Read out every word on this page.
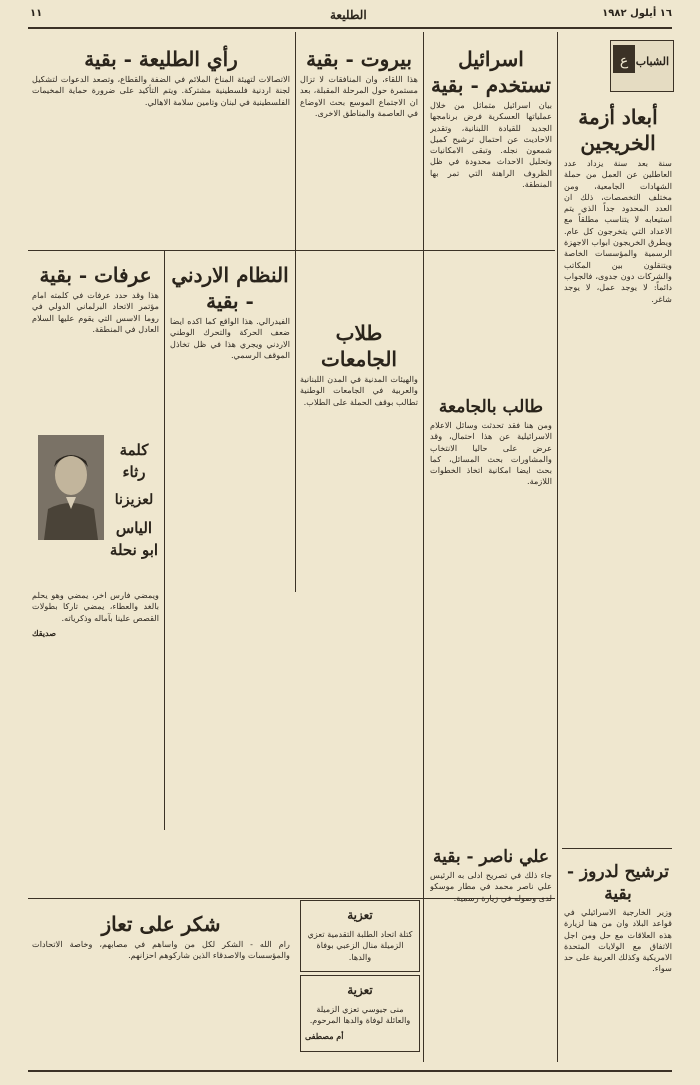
١١	الطليعة	١٦ أيلول ١٩٨٢
ع الشباب
أبعاد أزمة الخريجين
سنة بعد سنة يزداد عدد العاطلين عن العمل من حملة الشهادات الجامعية، ومن مختلف التخصصات، ذلك ان العدد المحدود جداً الذي يتم استيعابه لا يتناسب مطلقاً مع الاعداد التي يتخرجون كل عام. ويطرق الخريجون ابواب الاجهزة الرسمية والمؤسسات الخاصة ويتنقلون بين المكاتب والشركات دون جدوى، فالجواب دائماً: لا يوجد عمل، لا يوجد شاغر.
ترشيح لدروز - بقية
وزير الخارجية الاسرائيلي في قواعد البلاد وان من هنا لزيارة هذه العلاقات مع حل ومن اجل الاتفاق مع الولايات المتحدة الامريكية وكذلك العربية على حد سواء.
اسرائيل تستخدم - بقية
بيان اسرائيل متماثل من خلال عملياتها العسكرية فرض برنامجها الجديد للقيادة اللبنانية، وتقدير الاحاديث عن احتمال ترشيح كميل شمعون نجله. وتبقى الامكانيات وتحليل الاحداث محدودة في ظل الظروف الراهنة التي تمر بها المنطقة.
طالب بالجامعة
ومن هنا فقد تحدثت وسائل الاعلام الاسرائيلية عن هذا احتمال، وقد عرض على حاليا الانتخاب والمشاورات بحث المسائل، كما بحث ايضا امكانية اتخاذ الخطوات اللازمة.
علي ناصر - بقية
جاء ذلك في تصريح ادلى به الرئيس علي ناصر محمد في مطار موسكو لدى وصوله في زيارة رسمية.
بيروت - بقية
هذا اللقاء، وان المنافقات لا تزال مستمرة حول المرحلة المقبلة، بعد ان الاجتماع الموسع بحث الاوضاع في العاصمة والمناطق الاخرى.
طلاب الجامعات
والهيئات المدنية في المدن اللبنانية والعربية في الجامعات الوطنية تطالب بوقف الحملة على الطلاب.
تعزية
كتلة اتحاد الطلبة التقدمية تعزي الزميلة منال الزعبي بوفاة والدها.
تعزية
منى جيوسي تعزي الزميلة والعائلة لوفاة والدها المرحوم.
أم مصطفى
رأي الطليعة - بقية
الاتصالات لتهيئة المناخ الملائم في الضفة والقطاع، وتصعد الدعوات لتشكيل لجنة اردنية فلسطينية مشتركة. ويتم التأكيد على ضرورة حماية المخيمات الفلسطينية في لبنان وتامين سلامة الاهالي.
النظام الاردني - بقية
الفيدرالي. هذا الواقع كما اكده ايضا ضعف الحركة والتحرك الوطني الاردني ويجري هذا في ظل تخاذل الموقف الرسمي.
عرفات - بقية
هذا وقد حدد عرفات في كلمته امام مؤتمر الاتحاد البرلماني الدولي في روما الاسس التي يقوم عليها السلام العادل في المنطقة.
كلمة رثاء
لعزيزنا
الياس ابو نحلة
ويمضي فارس اخر، يمضي وهو يحلم بالغد والعطاء، يمضي تاركا بطولات القصص علينا بآماله وذكرياته.
صديقك
شكر على تعاز
رام الله - الشكر لكل من واساهم في مصابهم، وخاصة الاتحادات والمؤسسات والاصدقاء الذين شاركوهم احزانهم.
